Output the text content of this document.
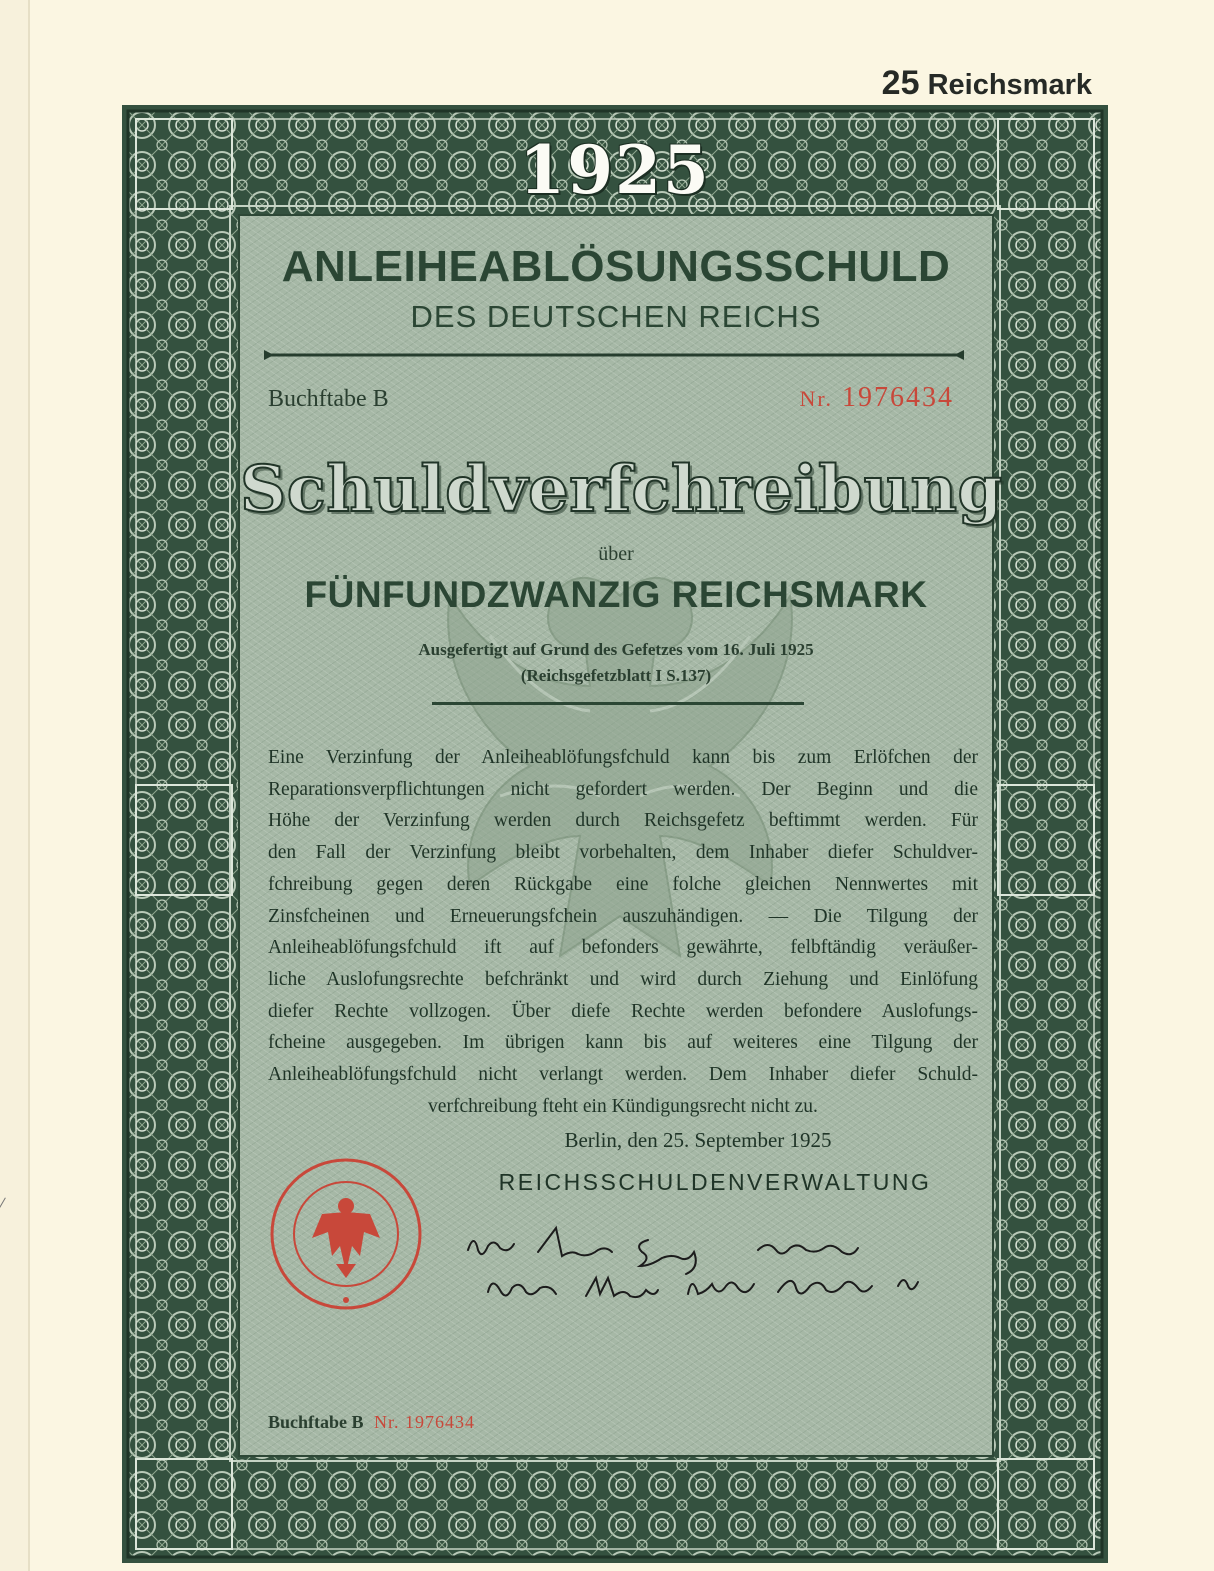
25 Reichsmark
1925
ANLEIHEABLÖSUNGSSCHULD
DES DEUTSCHEN REICHS
Buchftabe B	Nr. 1976434
Schuldverfchreibung
über
FÜNFUNDZWANZIG REICHSMARK
Ausgefertigt auf Grund des Gefetzes vom 16. Juli 1925
(Reichsgefetzblatt I S.137)
Eine Verzinfung der Anleiheablöfungsfchuld kann bis zum Erlöfchen der
Reparationsverpflichtungen nicht gefordert werden. Der Beginn und die
Höhe der Verzinfung werden durch Reichsgefetz beftimmt werden. Für
den Fall der Verzinfung bleibt vorbehalten, dem Inhaber diefer Schuldver-
fchreibung gegen deren Rückgabe eine folche gleichen Nennwertes mit
Zinsfcheinen und Erneuerungsfchein auszuhändigen. — Die Tilgung der
Anleiheablöfungsfchuld ift auf befonders gewährte, felbftändig veräußer-
liche Auslofungsrechte befchränkt und wird durch Ziehung und Einlöfung
diefer Rechte vollzogen. Über diefe Rechte werden befondere Auslofungs-
fcheine ausgegeben. Im übrigen kann bis auf weiteres eine Tilgung der
Anleiheablöfungsfchuld nicht verlangt werden. Dem Inhaber diefer Schuld-
verfchreibung fteht ein Kündigungsrecht nicht zu.
Berlin, den 25. September 1925
REICHSSCHULDENVERWALTUNG
Buchftabe B Nr. 1976434
